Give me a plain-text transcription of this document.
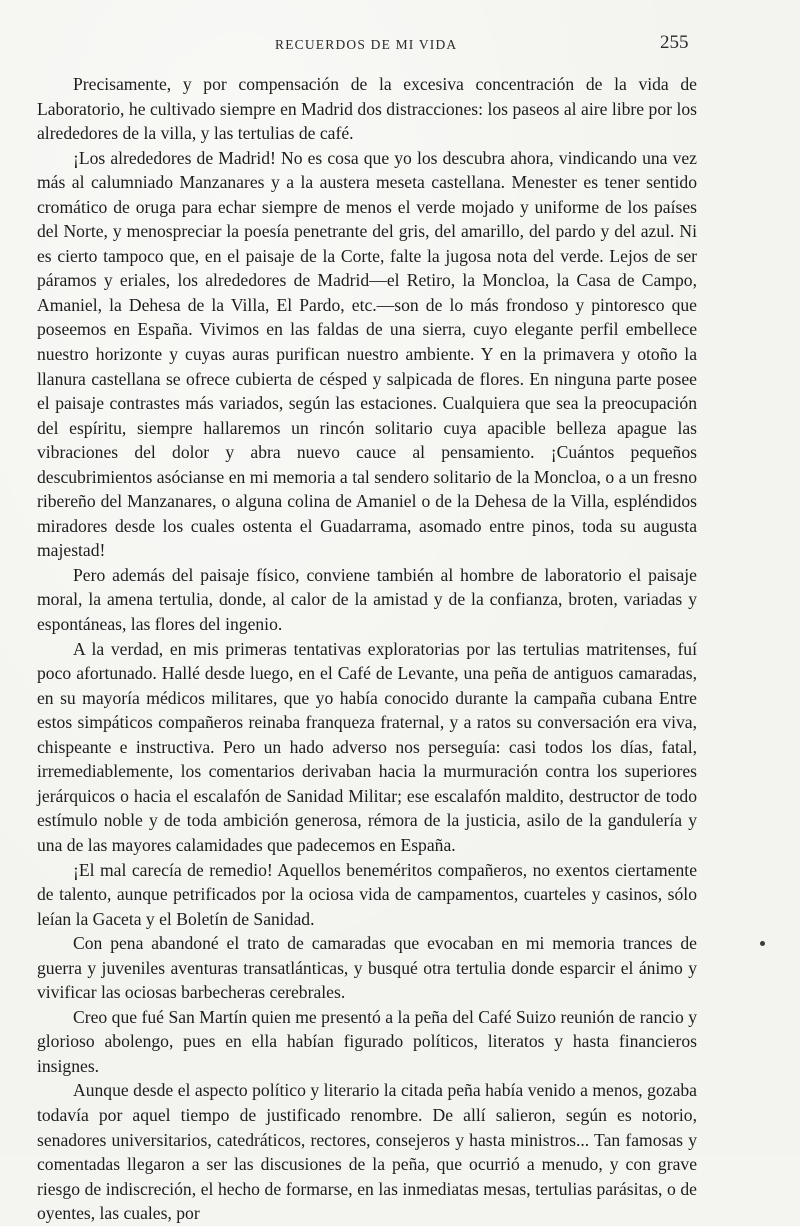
RECUERDOS DE MI VIDA	255

Precisamente, y por compensación de la excesiva concentración de la vida de Laboratorio, he cultivado siempre en Madrid dos distracciones: los paseos al aire libre por los alrededores de la villa, y las tertulias de café.

¡Los alrededores de Madrid! No es cosa que yo los descubra ahora, vindicando una vez más al calumniado Manzanares y a la austera meseta castellana. Menester es tener sentido cromático de oruga para echar siempre de menos el verde mojado y uniforme de los países del Norte, y menospreciar la poesía penetrante del gris, del amarillo, del pardo y del azul. Ni es cierto tampoco que, en el paisaje de la Corte, falte la jugosa nota del verde. Lejos de ser páramos y eriales, los alrededores de Madrid—el Retiro, la Moncloa, la Casa de Campo, Amaniel, la Dehesa de la Villa, El Pardo, etc.—son de lo más frondoso y pintoresco que poseemos en España. Vivimos en las faldas de una sierra, cuyo elegante perfil embellece nuestro horizonte y cuyas auras purifican nuestro ambiente. Y en la primavera y otoño la llanura castellana se ofrece cubierta de césped y salpicada de flores. En ninguna parte posee el paisaje contrastes más variados, según las estaciones. Cualquiera que sea la preocupación del espíritu, siempre hallaremos un rincón solitario cuya apacible belleza apague las vibraciones del dolor y abra nuevo cauce al pensamiento. ¡Cuántos pequeños descubrimientos asócianse en mi memoria a tal sendero solitario de la Moncloa, o a un fresno ribereño del Manzanares, o alguna colina de Amaniel o de la Dehesa de la Villa, espléndidos miradores desde los cuales ostenta el Guadarrama, asomado entre pinos, toda su augusta majestad!

Pero además del paisaje físico, conviene también al hombre de laboratorio el paisaje moral, la amena tertulia, donde, al calor de la amistad y de la confianza, broten, variadas y espontáneas, las flores del ingenio.

A la verdad, en mis primeras tentativas exploratorias por las tertulias matritenses, fuí poco afortunado. Hallé desde luego, en el Café de Levante, una peña de antiguos camaradas, en su mayoría médicos militares, que yo había conocido durante la campaña cubana Entre estos simpáticos compañeros reinaba franqueza fraternal, y a ratos su conversación era viva, chispeante e instructiva. Pero un hado adverso nos perseguía: casi todos los días, fatal, irremediablemente, los comentarios derivaban hacia la murmuración contra los superiores jerárquicos o hacia el escalafón de Sanidad Militar; ese escalafón maldito, destructor de todo estímulo noble y de toda ambición generosa, rémora de la justicia, asilo de la gandulería y una de las mayores calamidades que padecemos en España.

¡El mal carecía de remedio! Aquellos beneméritos compañeros, no exentos ciertamente de talento, aunque petrificados por la ociosa vida de campamentos, cuarteles y casinos, sólo leían la Gaceta y el Boletín de Sanidad.

Con pena abandoné el trato de camaradas que evocaban en mi memoria trances de guerra y juveniles aventuras transatlánticas, y busqué otra tertulia donde esparcir el ánimo y vivificar las ociosas barbecheras cerebrales.

Creo que fué San Martín quien me presentó a la peña del Café Suizo reunión de rancio y glorioso abolengo, pues en ella habían figurado políticos, literatos y hasta financieros insignes.

Aunque desde el aspecto político y literario la citada peña había venido a menos, gozaba todavía por aquel tiempo de justificado renombre. De allí salieron, según es notorio, senadores universitarios, catedráticos, rectores, consejeros y hasta ministros... Tan famosas y comentadas llegaron a ser las discusiones de la peña, que ocurrió a menudo, y con grave riesgo de indiscreción, el hecho de formarse, en las inmediatas mesas, tertulias parásitas, o de oyentes, las cuales, por
